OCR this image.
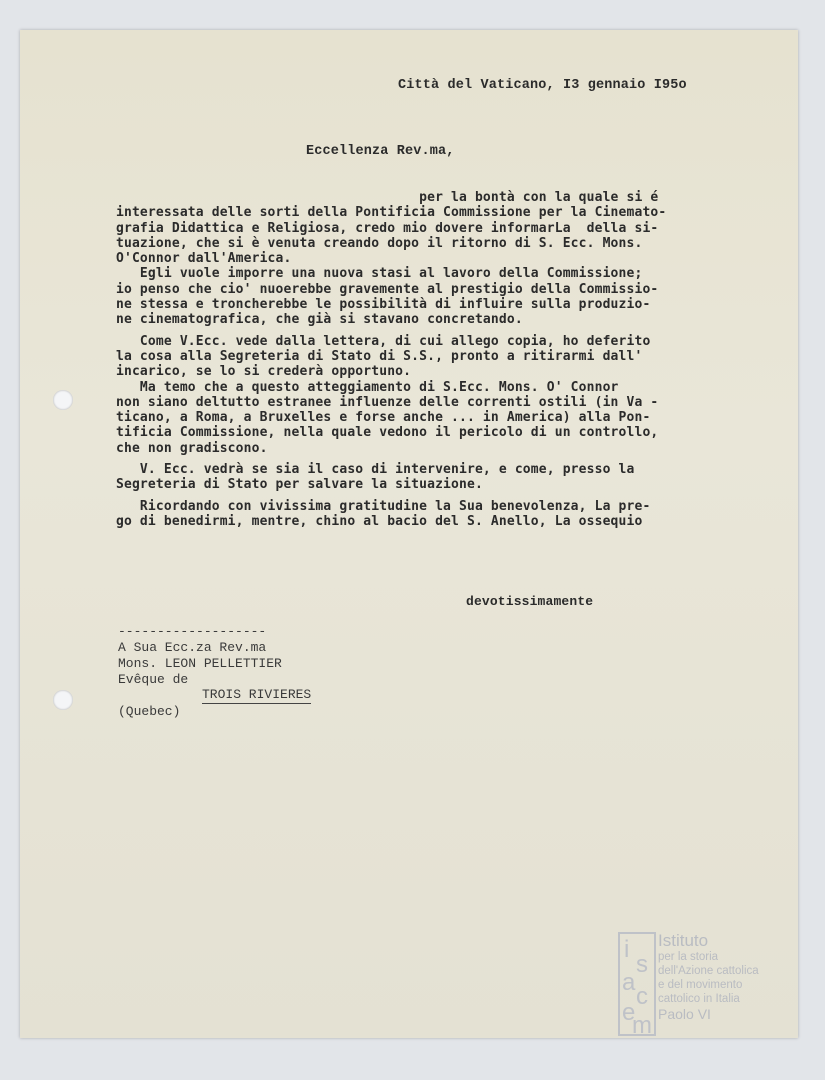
Città del Vaticano, I3 gennaio I95o
Eccellenza Rev.ma,
per la bontà con la quale si é
interessata delle sorti della Pontificia Commissione per la Cinemato-
grafia Didattica e Religiosa, credo mio dovere informarLa  della si-
tuazione, che si è venuta creando dopo il ritorno di S. Ecc. Mons.
O'Connor dall'America.
Egli vuole imporre una nuova stasi al lavoro della Commissione;
io penso che cio' nuoerebbe gravemente al prestigio della Commissio-
ne stessa e troncherebbe le possibilità di influire sulla produzio-
ne cinematografica, che già si stavano concretando.

Come V.Ecc. vede dalla lettera, di cui allego copia, ho deferito
la cosa alla Segreteria di Stato di S.S., pronto a ritirarmi dall'
incarico, se lo si crederà opportuno.
Ma temo che a questo atteggiamento di S.Ecc. Mons. O' Connor
non siano deltutto estranee influenze delle correnti ostili (in Va -
ticano, a Roma, a Bruxelles e forse anche ... in America) alla Pon-
tificia Commissione, nella quale vedono il pericolo di un controllo,
che non gradiscono.

V. Ecc. vedrà se sia il caso di intervenire, e come, presso la
Segreteria di Stato per salvare la situazione.

Ricordando con vivissima gratitudine la Sua benevolenza, La pre-
go di benedirmi, mentre, chino al bacio del S. Anello, La ossequio
devotissimamente
-------------------
A Sua Ecc.za Rev.ma
Mons. LEON PELLETTIER
Evêque de
TROIS RIVIERES
(Quebec)
i
s
a
c
e
m
Istituto
per la storia
dell'Azione cattolica
e del movimento
cattolico in Italia
Paolo VI
